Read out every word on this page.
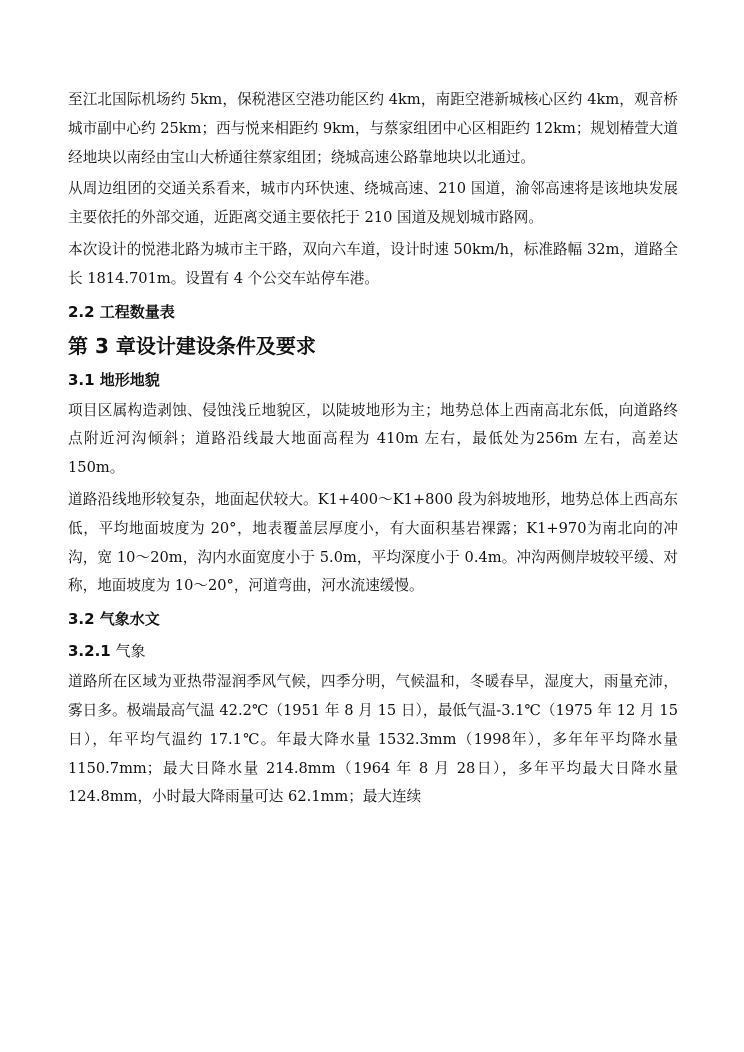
至江北国际机场约 5km，保税港区空港功能区约 4km，南距空港新城核心区约 4km，观音桥城市副中心约 25km；西与悦来相距约 9km，与蔡家组团中心区相距约 12km；规划椿萱大道经地块以南经由宝山大桥通往蔡家组团；绕城高速公路靠地块以北通过。

从周边组团的交通关系看来，城市内环快速、绕城高速、210 国道，渝邻高速将是该地块发展主要依托的外部交通，近距离交通主要依托于 210 国道及规划城市路网。

本次设计的悦港北路为城市主干路，双向六车道，设计时速 50km/h，标准路幅 32m，道路全长 1814.701m。设置有 4 个公交车站停车港。

2.2 工程数量表
第 3 章设计建设条件及要求
3.1 地形地貌

项目区属构造剥蚀、侵蚀浅丘地貌区，以陡坡地形为主；地势总体上西南高北东低，向道路终点附近河沟倾斜；道路沿线最大地面高程为 410m 左右，最低处为256m 左右，高差达 150m。

道路沿线地形较复杂，地面起伏较大。K1+400～K1+800 段为斜坡地形，地势总体上西高东低，平均地面坡度为 20°，地表覆盖层厚度小，有大面积基岩裸露；K1+970为南北向的冲沟，宽 10～20m，沟内水面宽度小于 5.0m，平均深度小于 0.4m。冲沟两侧岸坡较平缓、对称，地面坡度为 10～20°，河道弯曲，河水流速缓慢。

3.2 气象水文
3.2.1 气象

道路所在区域为亚热带湿润季风气候，四季分明，气候温和，冬暖春早，湿度大，雨量充沛，雾日多。极端最高气温 42.2℃（1951 年 8 月 15 日），最低气温-3.1℃（1975 年 12 月 15 日），年平均气温约 17.1℃。年最大降水量 1532.3mm（1998年），多年年平均降水量 1150.7mm；最大日降水量 214.8mm（1964 年 8 月 28日），多年平均最大日降水量 124.8mm，小时最大降雨量可达 62.1mm；最大连续
